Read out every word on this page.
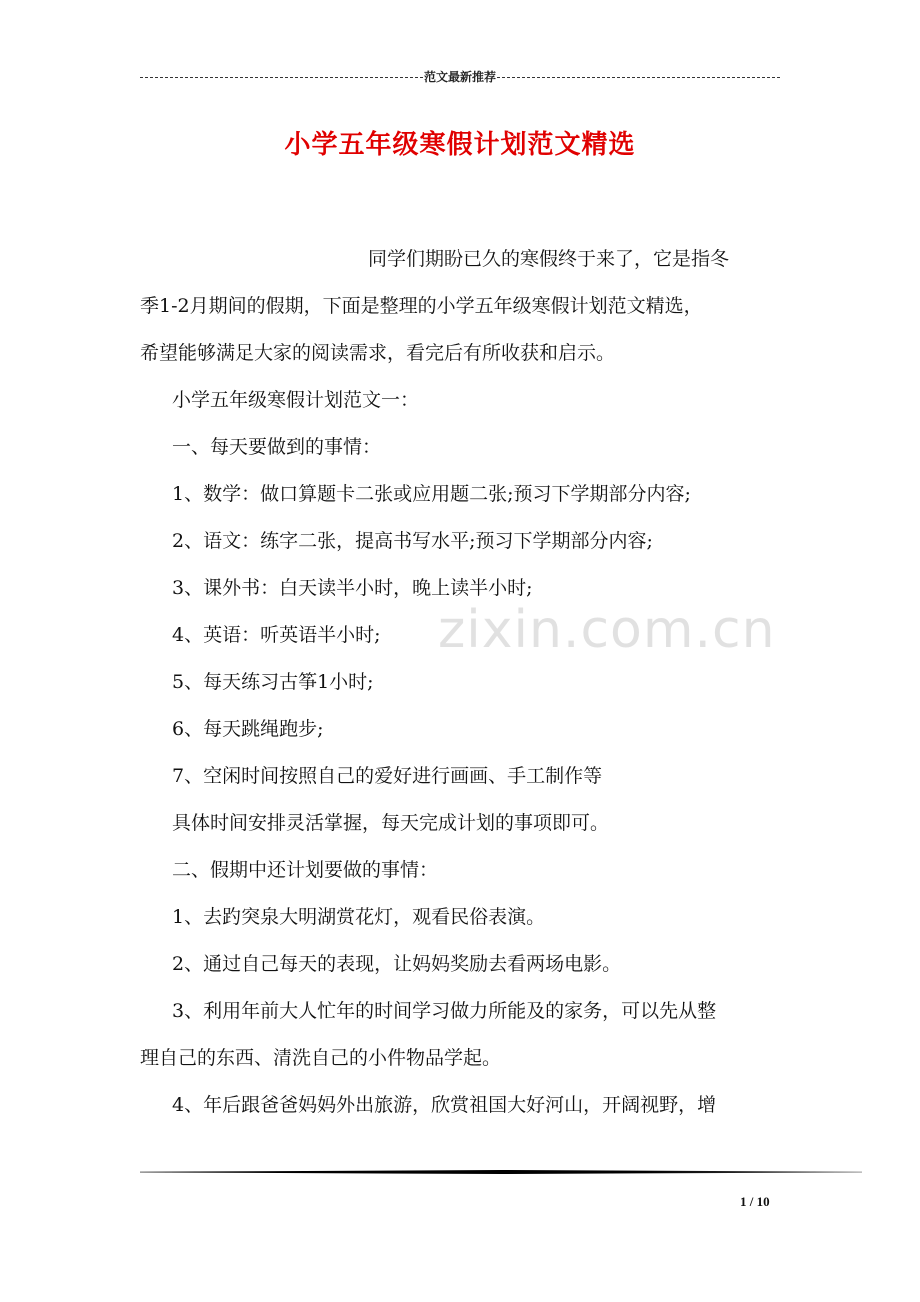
范文最新推荐
小学五年级寒假计划范文精选
zixin.com.cn
同学们期盼已久的寒假终于来了，它是指冬
季1-2月期间的假期，下面是整理的小学五年级寒假计划范文精选，
希望能够满足大家的阅读需求，看完后有所收获和启示。
小学五年级寒假计划范文一：
一、每天要做到的事情：
1、数学：做口算题卡二张或应用题二张;预习下学期部分内容;
2、语文：练字二张，提高书写水平;预习下学期部分内容;
3、课外书：白天读半小时，晚上读半小时;
4、英语：听英语半小时;
5、每天练习古筝1小时;
6、每天跳绳跑步;
7、空闲时间按照自己的爱好进行画画、手工制作等
具体时间安排灵活掌握，每天完成计划的事项即可。
二、假期中还计划要做的事情：
1、去趵突泉大明湖赏花灯，观看民俗表演。
2、通过自己每天的表现，让妈妈奖励去看两场电影。
3、利用年前大人忙年的时间学习做力所能及的家务，可以先从整
理自己的东西、清洗自己的小件物品学起。
4、年后跟爸爸妈妈外出旅游，欣赏祖国大好河山，开阔视野，增
1 / 10
